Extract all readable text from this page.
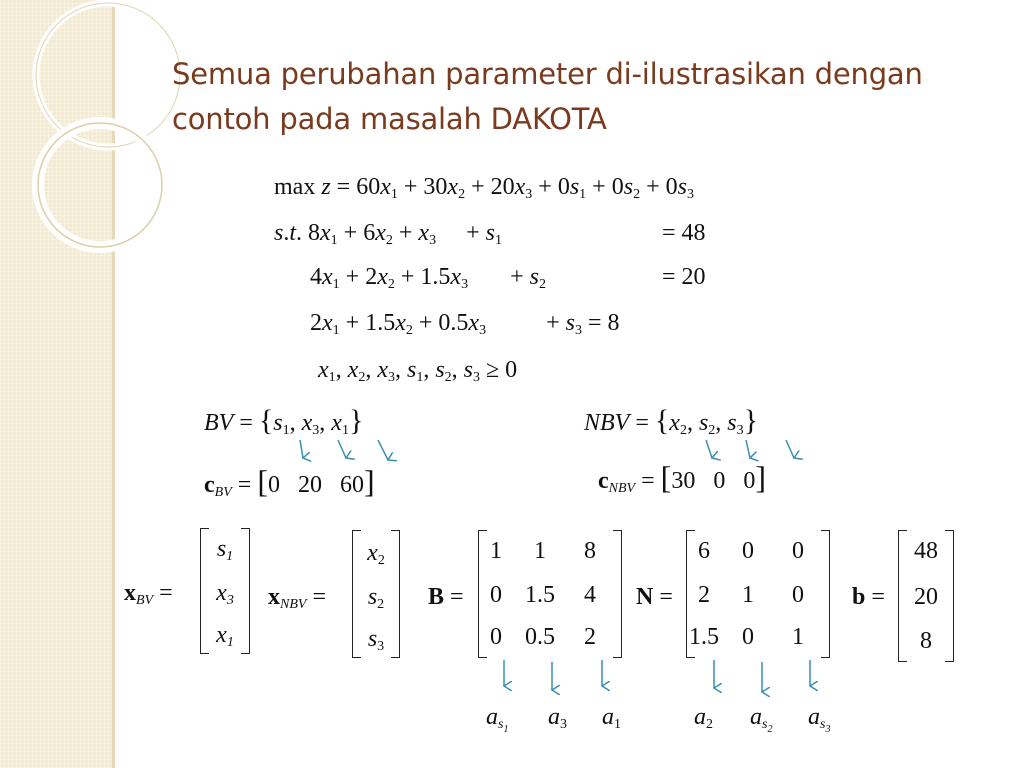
Semua perubahan parameter di-ilustrasikan dengan contoh pada masalah DAKOTA
$\max z = 60x_1 + 30x_2 + 20x_3 + 0s_1 + 0s_2 + 0s_3$
s.t. $8x_1 + 6x_2 + x_3$     + $s_1$	= 48
$4x_1 + 2x_2 + 1.5x_3$       + $s_2$	= 20
$2x_1 + 1.5x_2 + 0.5x_3$          + $s_3 = 8$
$x_1$, $x_2$, $x_3$, $s_1$, $s_2$, $s_3 \ge 0$
BV = {$s_1$, $x_3$, $x_1$}	NBV = {$x_2$, $s_2$, $s_3$}
$c_{BV} = [0$   20   60]	$c_{NBV} = [30$   0   0]
$x_{BV}$ =
$s_1$
$x_3$
$x_1$
$x_{NBV}$ =
$x_2$
$s_2$
$s_3$
B =
1	1	8
0 1.5	4
0 0.5	2
N =
6	0	0
2	1	0
1.5 0	1
b =
48
20
8
$a_{s_1}$ $a_3$ $a_1$	$a_2$ $a_{s_2}$ $a_{s_3}$
